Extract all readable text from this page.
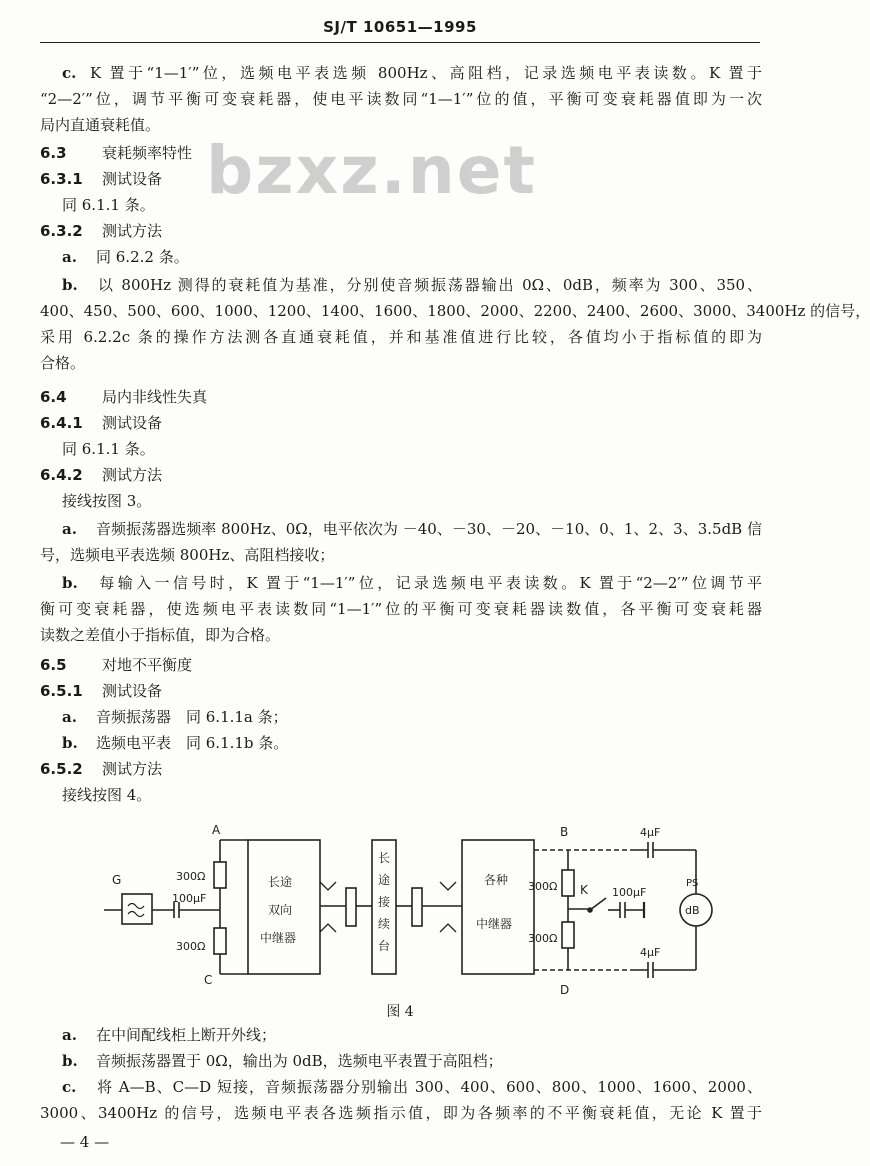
SJ/T 10651—1995
bzxz.net
c. K 置于“1—1′”位，选频电平表选频 800Hz、高阻档，记录选频电平表读数。K 置于
“2—2′”位，调节平衡可变衰耗器，使电平读数同“1—1′”位的值，平衡可变衰耗器值即为一次
局内直通衰耗值。
6.3 衰耗频率特性
6.3.1 测试设备
同 6.1.1 条。
6.3.2 测试方法
a. 同 6.2.2 条。
b. 以 800Hz 测得的衰耗值为基准，分别使音频振荡器输出 0Ω、0dB，频率为 300、350、
400、450、500、600、1000、1200、1400、1600、1800、2000、2200、2400、2600、3000、3400Hz 的信号，
采用 6.2.2c 条的操作方法测各直通衰耗值，并和基准值进行比较，各值均小于指标值的即为
合格。
6.4 局内非线性失真
6.4.1 测试设备
同 6.1.1 条。
6.4.2 测试方法
接线按图 3。
a. 音频振荡器选频率 800Hz、0Ω，电平依次为 －40、－30、－20、－10、0、1、2、3、3.5dB 信
号，选频电平表选频 800Hz、高阻档接收；
b. 每输入一信号时，K 置于“1—1′”位，记录选频电平表读数。K 置于“2—2′”位调节平
衡可变衰耗器，使选频电平表读数同“1—1′”位的平衡可变衰耗器读数值，各平衡可变衰耗器
读数之差值小于指标值，即为合格。
6.5 对地不平衡度
6.5.1 测试设备
a. 音频振荡器　同 6.1.1a 条；
b. 选频电平表　同 6.1.1b 条。
6.5.2 测试方法
接线按图 4。
G
100μF
A
300Ω
300Ω
C
长途
双向
中继器
长
途
接
续
台
各种
中继器
B
D
300Ω
300Ω
K 100μF
4μF
4μF
dB
PS
图 4
a. 在中间配线柜上断开外线；
b. 音频振荡器置于 0Ω，输出为 0dB，选频电平表置于高阻档；
c. 将 A—B、C—D 短接，音频振荡器分别输出 300、400、600、800、1000、1600、2000、
3000、3400Hz 的信号，选频电平表各选频指示值，即为各频率的不平衡衰耗值，无论 K 置于
— 4 —
